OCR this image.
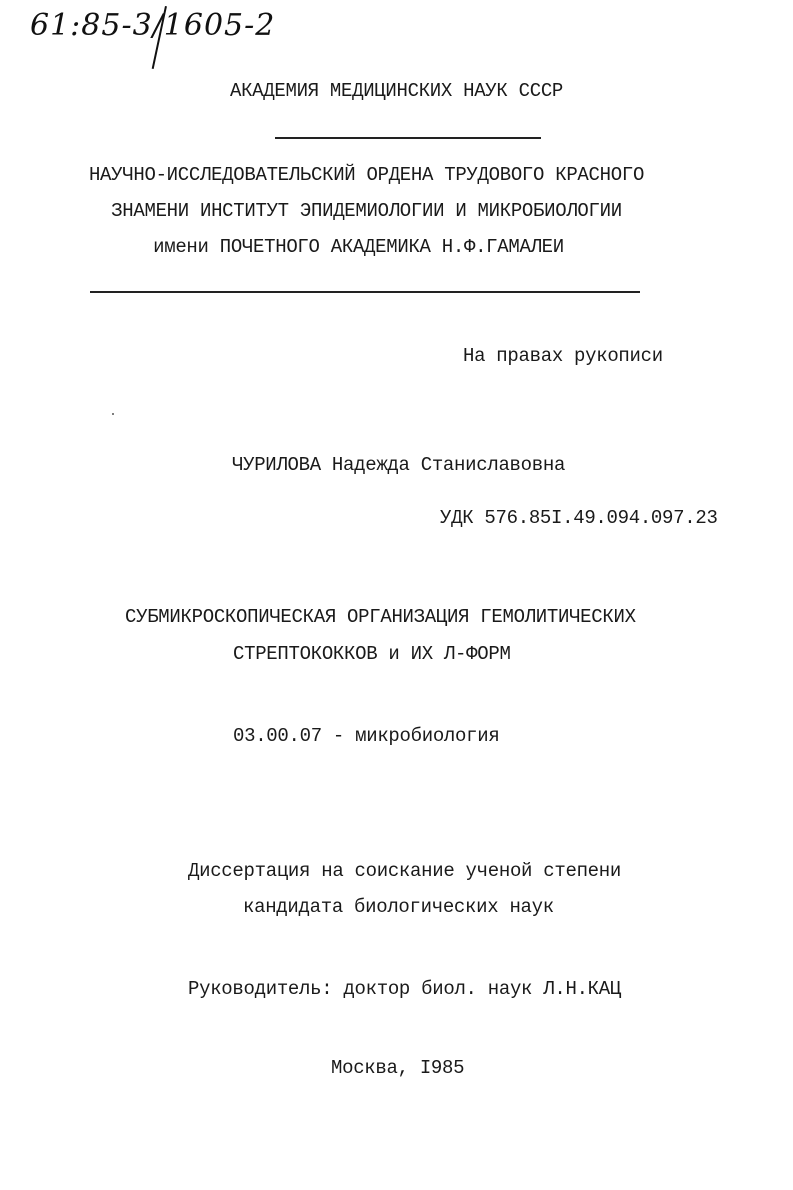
61:85-3/1605-2
АКАДЕМИЯ МЕДИЦИНСКИХ НАУК СССР
НАУЧНО-ИССЛЕДОВАТЕЛЬСКИЙ ОРДЕНА ТРУДОВОГО КРАСНОГО
ЗНАМЕНИ ИНСТИТУТ ЭПИДЕМИОЛОГИИ И МИКРОБИОЛОГИИ
имени ПОЧЕТНОГО АКАДЕМИКА Н.Ф.ГАМАЛЕИ
На правах рукописи
ЧУРИЛОВА Надежда Станиславовна
УДК 576.85I.49.094.097.23
СУБМИКРОСКОПИЧЕСКАЯ ОРГАНИЗАЦИЯ ГЕМОЛИТИЧЕСКИХ
СТРЕПТОКОККОВ и ИХ Л-ФОРМ
03.00.07 - микробиология
Диссертация на соискание ученой степени
кандидата биологических наук
Руководитель: доктор биол. наук Л.Н.КАЦ
Москва, I985
